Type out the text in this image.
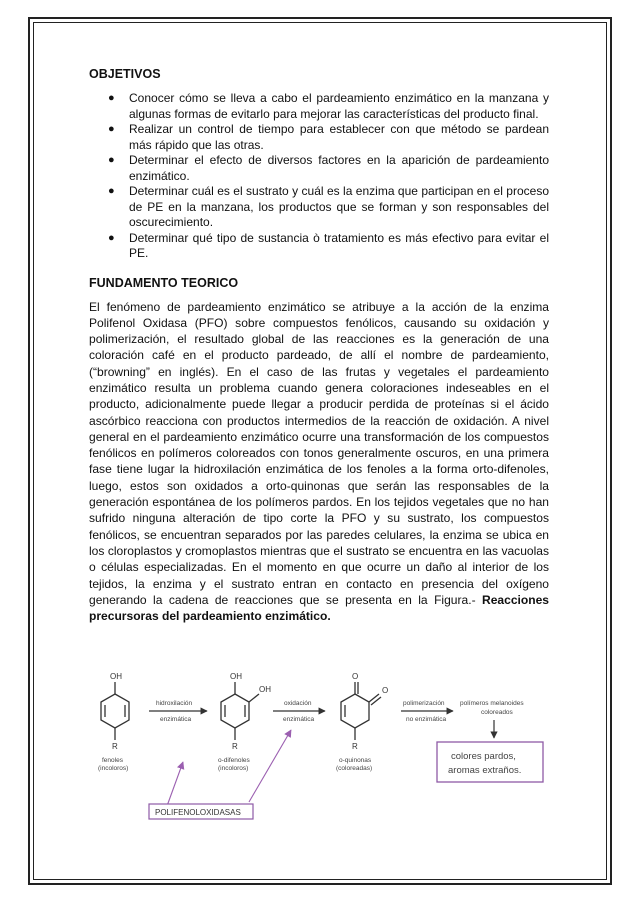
OBJETIVOS
● Conocer cómo se lleva a cabo el pardeamiento enzimático en la manzana y algunas formas de evitarlo para mejorar las características del producto final.
● Realizar un control de tiempo para establecer con que método se pardean más rápido que las otras.
● Determinar el efecto de diversos factores en la aparición de pardeamiento enzimático.
● Determinar cuál es el sustrato y cuál es la enzima que participan en el proceso de PE en la manzana, los productos que se forman y son responsables del oscurecimiento.
● Determinar qué tipo de sustancia ò tratamiento es más efectivo para evitar el PE.
FUNDAMENTO TEORICO

El fenómeno de pardeamiento enzimático se atribuye a la acción de la enzima Polifenol Oxidasa (PFO) sobre compuestos fenólicos, causando su oxidación y polimerización, el resultado global de las reacciones es la generación de una coloración café en el producto pardeado, de allí el nombre de pardeamiento, (“browning” en inglés). En el caso de las frutas y vegetales el pardeamiento enzimático resulta un problema cuando genera coloraciones indeseables en el producto, adicionalmente puede llegar a producir perdida de proteínas si el ácido ascórbico reacciona con productos intermedios de la reacción de oxidación. A nivel general en el pardeamiento enzimático ocurre una transformación de los compuestos fenólicos en polímeros coloreados con tonos generalmente oscuros, en una primera fase tiene lugar la hidroxilación enzimática de los fenoles a la forma orto-difenoles, luego, estos son oxidados a orto-quinonas que serán las responsables de la generación espontánea de los polímeros pardos. En los tejidos vegetales que no han sufrido ninguna alteración de tipo corte la PFO y su sustrato, los compuestos fenólicos, se encuentran separados por las paredes celulares, la enzima se ubica en los cloroplastos y cromoplastos mientras que el sustrato se encuentra en las vacuolas o células especializadas. En el momento en que ocurre un daño al interior de los tejidos, la enzima y el sustrato entran en contacto en presencia del oxígeno generando la cadena de reacciones que se presenta en la Figura.- Reacciones precursoras del pardeamiento enzimático.

OH
R
fenoles
(incoloros)
hidroxilación
enzimática
OH
OH
R
o-difenoles
(incoloros)
oxidación
enzimática
O
O
R
o-quinonas
(coloreadas)
polimerización
no enzimática
polímeros melanoides
coloreados
colores pardos,
aromas extraños.
POLIFENOLOXIDASAS
